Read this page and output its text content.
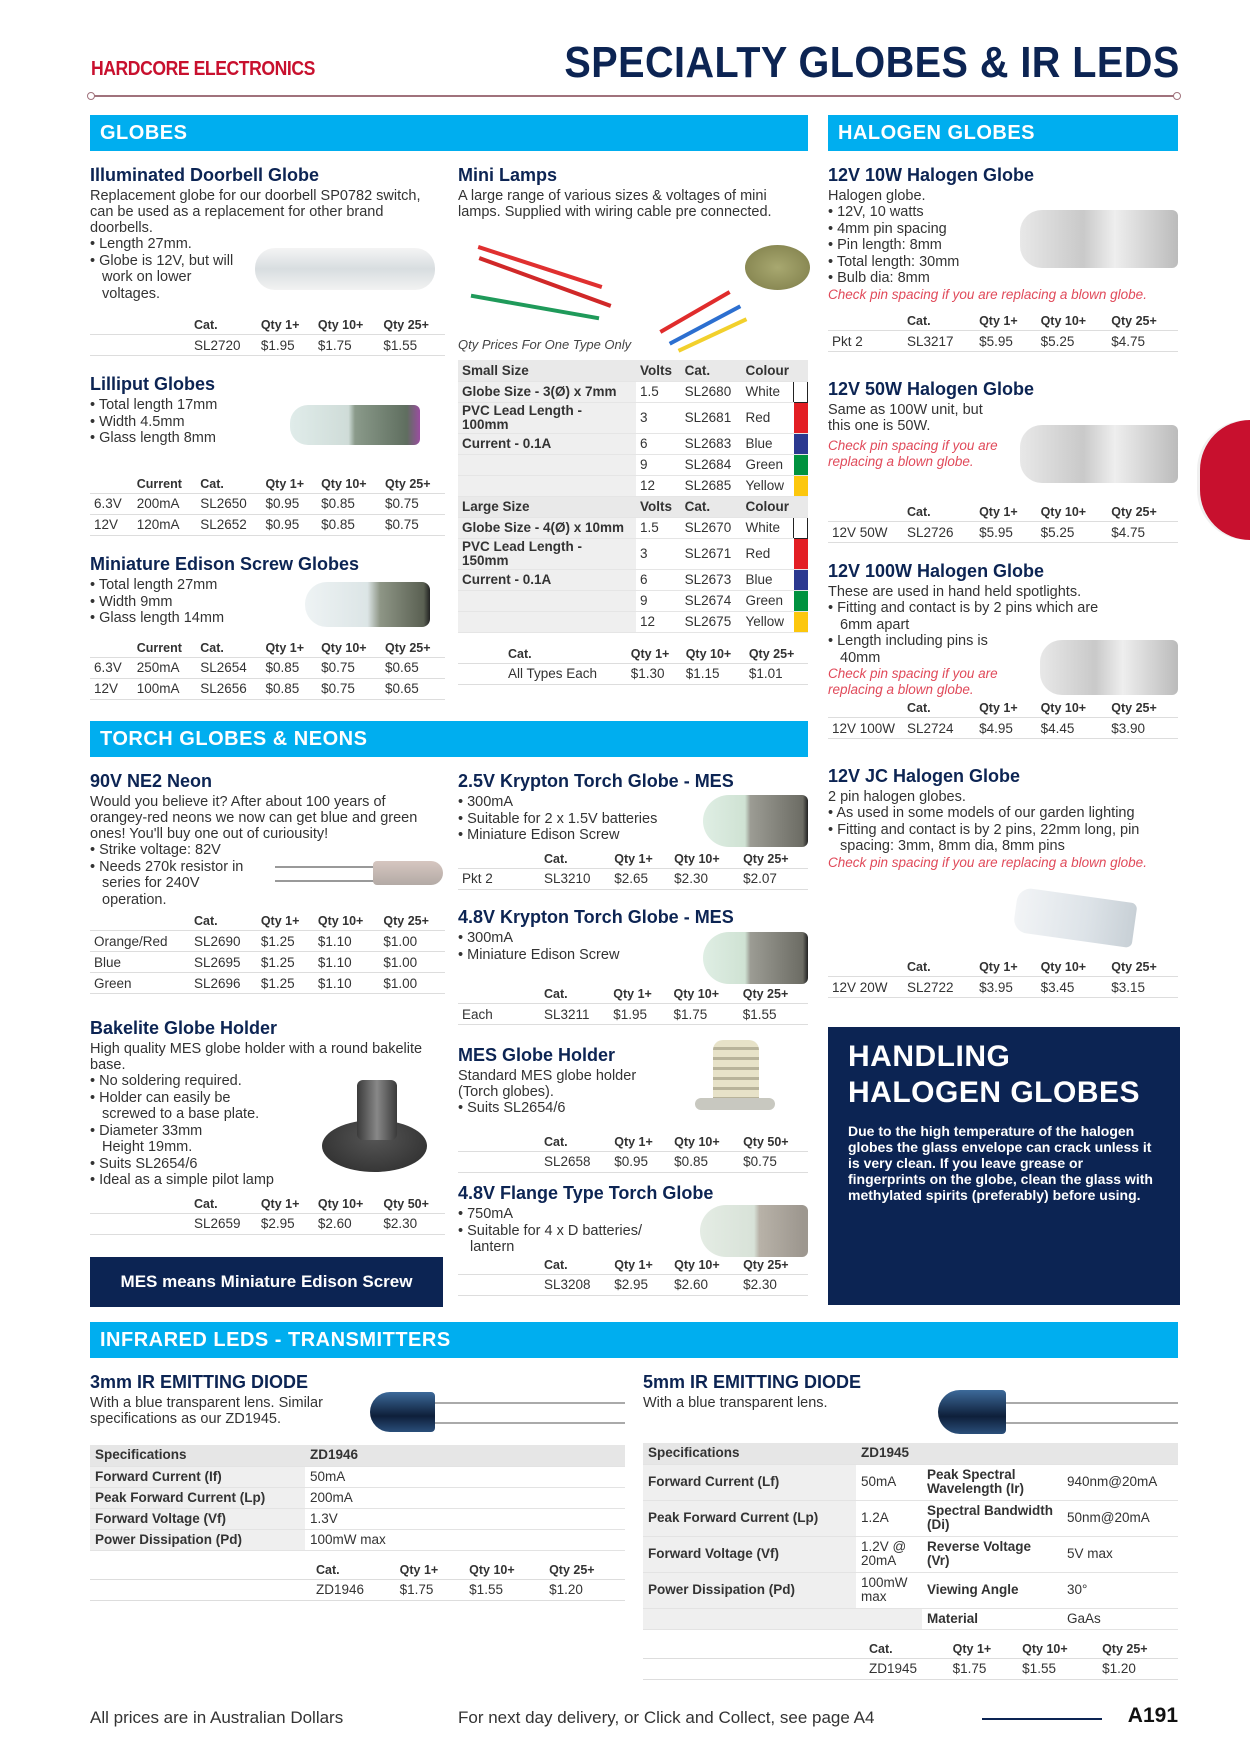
HARDCORE ELECTRONICS	SPECIALTY GLOBES & IR LEDS
GLOBES	HALOGEN GLOBES
TORCH GLOBES & NEONS
INFRARED LEDS - TRANSMITTERS
Illuminated Doorbell Globe
Replacement globe for our doorbell SP0782 switch, can be used as a replacement for other brand doorbells.
• Length 27mm.
• Globe is 12V, but will work on lower voltages.
	Cat.	Qty 1+	Qty 10+	Qty 25+
	SL2720	$1.95	$1.75	$1.55
Lilliput Globes
• Total length 17mm
• Width 4.5mm
• Glass length 8mm
	Current	Cat.	Qty 1+	Qty 10+	Qty 25+
6.3V	200mA	SL2650	$0.95	$0.85	$0.75
12V	120mA	SL2652	$0.95	$0.85	$0.75
Miniature Edison Screw Globes
• Total length 27mm
• Width 9mm
• Glass length 14mm
	Current	Cat.	Qty 1+	Qty 10+	Qty 25+
6.3V	250mA	SL2654	$0.85	$0.75	$0.65
12V	100mA	SL2656	$0.85	$0.75	$0.65
Mini Lamps
A large range of various sizes & voltages of mini lamps. Supplied with wiring cable pre connected.
Qty Prices For One Type Only
Small Size	Volts	Cat.	Colour	
Globe Size - 3(Ø) x 7mm	1.5	SL2680	White	
PVC Lead Length - 100mm	3	SL2681	Red	
Current - 0.1A	6	SL2683	Blue	
	9	SL2684	Green	
	12	SL2685	Yellow	
Large Size	Volts	Cat.	Colour	
Globe Size - 4(Ø) x 10mm	1.5	SL2670	White	
PVC Lead Length - 150mm	3	SL2671	Red	
Current - 0.1A	6	SL2673	Blue	
	9	SL2674	Green	
	12	SL2675	Yellow	
Cat.	Qty 1+	Qty 10+	Qty 25+
All Types Each	$1.30	$1.15	$1.01
12V 10W Halogen Globe
Halogen globe.
• 12V, 10 watts
• 4mm pin spacing
• Pin length: 8mm
• Total length: 30mm
• Bulb dia: 8mm
Check pin spacing if you are replacing a blown globe.
	Cat.	Qty 1+	Qty 10+	Qty 25+
Pkt 2	SL3217	$5.95	$5.25	$4.75
12V 50W Halogen Globe
Same as 100W unit, but this one is 50W.
Check pin spacing if you are replacing a blown globe.
	Cat.	Qty 1+	Qty 10+	Qty 25+
12V 50W	SL2726	$5.95	$5.25	$4.75
12V 100W Halogen Globe
These are used in hand held spotlights.
• Fitting and contact is by 2 pins which are 6mm apart
• Length including pins is 40mm
Check pin spacing if you are replacing a blown globe.
	Cat.	Qty 1+	Qty 10+	Qty 25+
12V 100W	SL2724	$4.95	$4.45	$3.90
12V JC Halogen Globe
2 pin halogen globes.
• As used in some models of our garden lighting
• Fitting and contact is by 2 pins, 22mm long, pin spacing: 3mm, 8mm dia, 8mm pins
Check pin spacing if you are replacing a blown globe.
	Cat.	Qty 1+	Qty 10+	Qty 25+
12V 20W	SL2722	$3.95	$3.45	$3.15
HANDLING
HALOGEN GLOBES
Due to the high temperature of the halogen globes the glass envelope can crack unless it is very clean. If you leave grease or fingerprints on the globe, clean the glass with methylated spirits (preferably) before using.
90V NE2 Neon
Would you believe it? After about 100 years of orangey-red neons we now can get blue and green ones! You'll buy one out of curiousity!
• Strike voltage: 82V
• Needs 270k resistor in series for 240V operation.
	Cat.	Qty 1+	Qty 10+	Qty 25+
Orange/Red	SL2690	$1.25	$1.10	$1.00
Blue	SL2695	$1.25	$1.10	$1.00
Green	SL2696	$1.25	$1.10	$1.00
Bakelite Globe Holder
High quality MES globe holder with a round bakelite base.
• No soldering required.
• Holder can easily be screwed to a base plate.
• Diameter 33mm Height 19mm.
• Suits SL2654/6
• Ideal as a simple pilot lamp
	Cat.	Qty 1+	Qty 10+	Qty 50+
	SL2659	$2.95	$2.60	$2.30
MES means Miniature Edison Screw
2.5V Krypton Torch Globe - MES
• 300mA
• Suitable for 2 x 1.5V batteries
• Miniature Edison Screw
	Cat.	Qty 1+	Qty 10+	Qty 25+
Pkt 2	SL3210	$2.65	$2.30	$2.07
4.8V Krypton Torch Globe - MES
• 300mA
• Miniature Edison Screw
	Cat.	Qty 1+	Qty 10+	Qty 25+
Each	SL3211	$1.95	$1.75	$1.55
MES Globe Holder
Standard MES globe holder (Torch globes).
• Suits SL2654/6
	Cat.	Qty 1+	Qty 10+	Qty 50+
	SL2658	$0.95	$0.85	$0.75
4.8V Flange Type Torch Globe
• 750mA
• Suitable for 4 x D batteries/ lantern
	Cat.	Qty 1+	Qty 10+	Qty 25+
	SL3208	$2.95	$2.60	$2.30
3mm IR EMITTING DIODE
With a blue transparent lens. Similar specifications as our ZD1945.
Specifications	ZD1946
Forward Current (If)	50mA
Peak Forward Current (Lp)	200mA
Forward Voltage (Vf)	1.3V
Power Dissipation (Pd)	100mW max
	Cat.	Qty 1+	Qty 10+	Qty 25+
	ZD1946	$1.75	$1.55	$1.20
5mm IR EMITTING DIODE
With a blue transparent lens.
Specifications	ZD1945		
Forward Current (Lf)	50mA	Peak Spectral Wavelength (Ir)	940nm@20mA
Peak Forward Current (Lp)	1.2A	Spectral Bandwidth (Di)	50nm@20mA
Forward Voltage (Vf)	1.2V @ 20mA	Reverse Voltage (Vr)	5V max
Power Dissipation (Pd)	100mW max	Viewing Angle	30°
		Material	GaAs
	Cat.	Qty 1+	Qty 10+	Qty 25+
	ZD1945	$1.75	$1.55	$1.20
All prices are in Australian Dollars	For next day delivery, or Click and Collect, see page A4	A191
